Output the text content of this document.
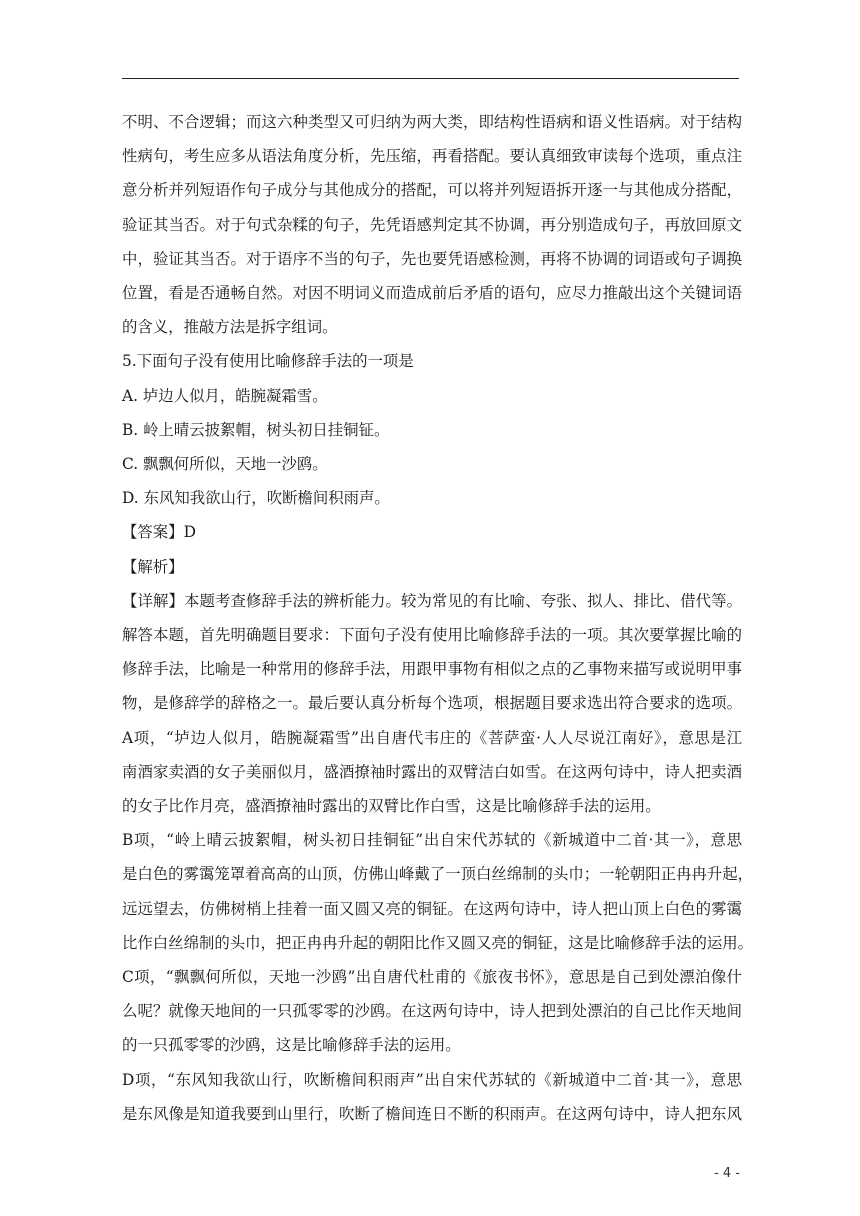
不明、不合逻辑；而这六种类型又可归纳为两大类，即结构性语病和语义性语病。对于结构

性病句，考生应多从语法角度分析，先压缩，再看搭配。要认真细致审读每个选项，重点注

意分析并列短语作句子成分与其他成分的搭配，可以将并列短语拆开逐一与其他成分搭配，

验证其当否。对于句式杂糅的句子，先凭语感判定其不协调，再分别造成句子，再放回原文

中，验证其当否。对于语序不当的句子，先也要凭语感检测，再将不协调的词语或句子调换

位置，看是否通畅自然。对因不明词义而造成前后矛盾的语句，应尽力推敲出这个关键词语

的含义，推敲方法是拆字组词。

5.下面句子没有使用比喻修辞手法的一项是

A. 垆边人似月，皓腕凝霜雪。

B. 岭上晴云披絮帽，树头初日挂铜钲。

C. 飘飘何所似，天地一沙鸥。

D. 东风知我欲山行，吹断檐间积雨声。

【答案】D

【解析】

【详解】本题考查修辞手法的辨析能力。较为常见的有比喻、夸张、拟人、排比、借代等。

解答本题，首先明确题目要求：下面句子没有使用比喻修辞手法的一项。其次要掌握比喻的

修辞手法，比喻是一种常用的修辞手法，用跟甲事物有相似之点的乙事物来描写或说明甲事

物，是修辞学的辞格之一。最后要认真分析每个选项，根据题目要求选出符合要求的选项。

A项，“垆边人似月，皓腕凝霜雪”出自唐代韦庄的《菩萨蛮·人人尽说江南好》，意思是江

南酒家卖酒的女子美丽似月，盛酒撩袖时露出的双臂洁白如雪。在这两句诗中，诗人把卖酒

的女子比作月亮，盛酒撩袖时露出的双臂比作白雪，这是比喻修辞手法的运用。

B项，“岭上晴云披絮帽，树头初日挂铜钲”出自宋代苏轼的《新城道中二首·其一》，意思

是白色的雾霭笼罩着高高的山顶，仿佛山峰戴了一顶白丝绵制的头巾；一轮朝阳正冉冉升起，

远远望去，仿佛树梢上挂着一面又圆又亮的铜钲。在这两句诗中，诗人把山顶上白色的雾霭

比作白丝绵制的头巾，把正冉冉升起的朝阳比作又圆又亮的铜钲，这是比喻修辞手法的运用。

C项，“飘飘何所似，天地一沙鸥”出自唐代杜甫的《旅夜书怀》，意思是自己到处漂泊像什

么呢？就像天地间的一只孤零零的沙鸥。在这两句诗中，诗人把到处漂泊的自己比作天地间

的一只孤零零的沙鸥，这是比喻修辞手法的运用。

D项，“东风知我欲山行，吹断檐间积雨声”出自宋代苏轼的《新城道中二首·其一》，意思

是东风像是知道我要到山里行，吹断了檐间连日不断的积雨声。在这两句诗中，诗人把东风

- 4 -
